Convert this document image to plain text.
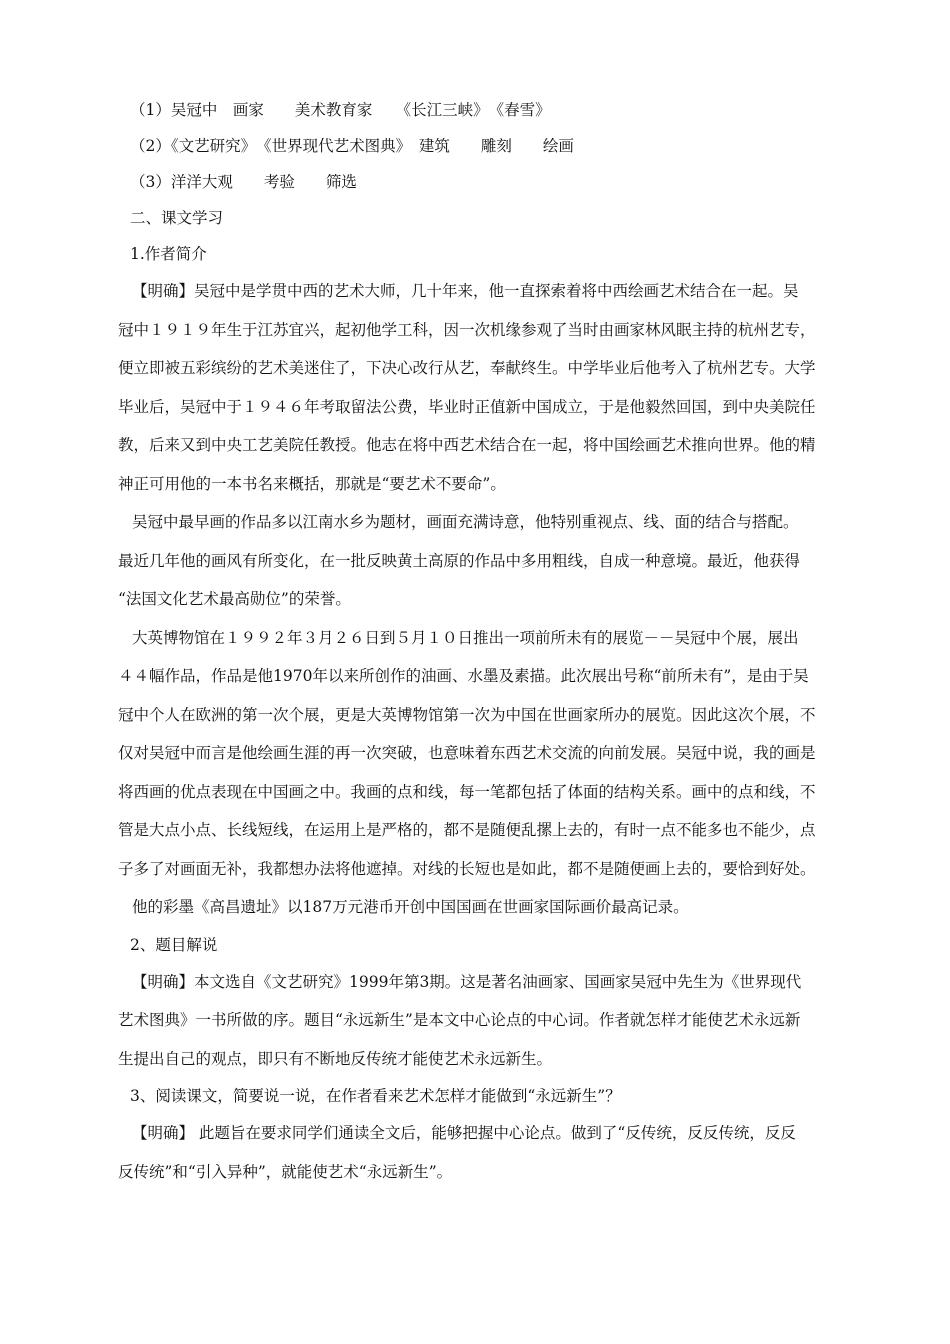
（1）吴冠中　画家　　美术教育家　　《长江三峡》　《春雪》

（2）《文艺研究》　《世界现代艺术图典》　建筑　　雕刻　　绘画

（3）洋洋大观　　考验　　筛选

二、课文学习

1.作者简介

【明确】吴冠中是学贯中西的艺术大师，几十年来，他一直探索着将中西绘画艺术结合在一起。吴
冠中１９１９年生于江苏宜兴，起初他学工科，因一次机缘参观了当时由画家林风眠主持的杭州艺专，
便立即被五彩缤纷的艺术美迷住了，下决心改行从艺，奉献终生。中学毕业后他考入了杭州艺专。大学
毕业后，吴冠中于１９４６年考取留法公费，毕业时正值新中国成立，于是他毅然回国，到中央美院任
教，后来又到中央工艺美院任教授。他志在将中西艺术结合在一起，将中国绘画艺术推向世界。他的精
神正可用他的一本书名来概括，那就是“要艺术不要命”。
吴冠中最早画的作品多以江南水乡为题材，画面充满诗意，他特别重视点、线、面的结合与搭配。
最近几年他的画风有所变化，在一批反映黄土高原的作品中多用粗线，自成一种意境。最近，他获得
“法国文化艺术最高勋位”的荣誉。
大英博物馆在１９９２年３月２６日到５月１０日推出一项前所未有的展览－－吴冠中个展，展出
４４幅作品，作品是他1970年以来所创作的油画、水墨及素描。此次展出号称“前所未有”，是由于吴
冠中个人在欧洲的第一次个展，更是大英博物馆第一次为中国在世画家所办的展览。因此这次个展，不
仅对吴冠中而言是他绘画生涯的再一次突破，也意味着东西艺术交流的向前发展。吴冠中说，我的画是
将西画的优点表现在中国画之中。我画的点和线，每一笔都包括了体面的结构关系。画中的点和线，不
管是大点小点、长线短线，在运用上是严格的，都不是随便乱摞上去的，有时一点不能多也不能少，点
子多了对画面无补，我都想办法将他遮掉。对线的长短也是如此，都不是随便画上去的，要恰到好处。
他的彩墨《高昌遗址》以187万元港币开创中国国画在世画家国际画价最高记录。

2、题目解说

【明确】本文选自《文艺研究》1999年第3期。这是著名油画家、国画家吴冠中先生为《世界现代
艺术图典》一书所做的序。题目“永远新生”是本文中心论点的中心词。作者就怎样才能使艺术永远新
生提出自己的观点，即只有不断地反传统才能使艺术永远新生。

3、阅读课文，简要说一说，在作者看来艺术怎样才能做到“永远新生”？

【明确】 此题旨在要求同学们通读全文后，能够把握中心论点。做到了“反传统，反反传统，反反
反传统”和“引入异种”，就能使艺术“永远新生”。
